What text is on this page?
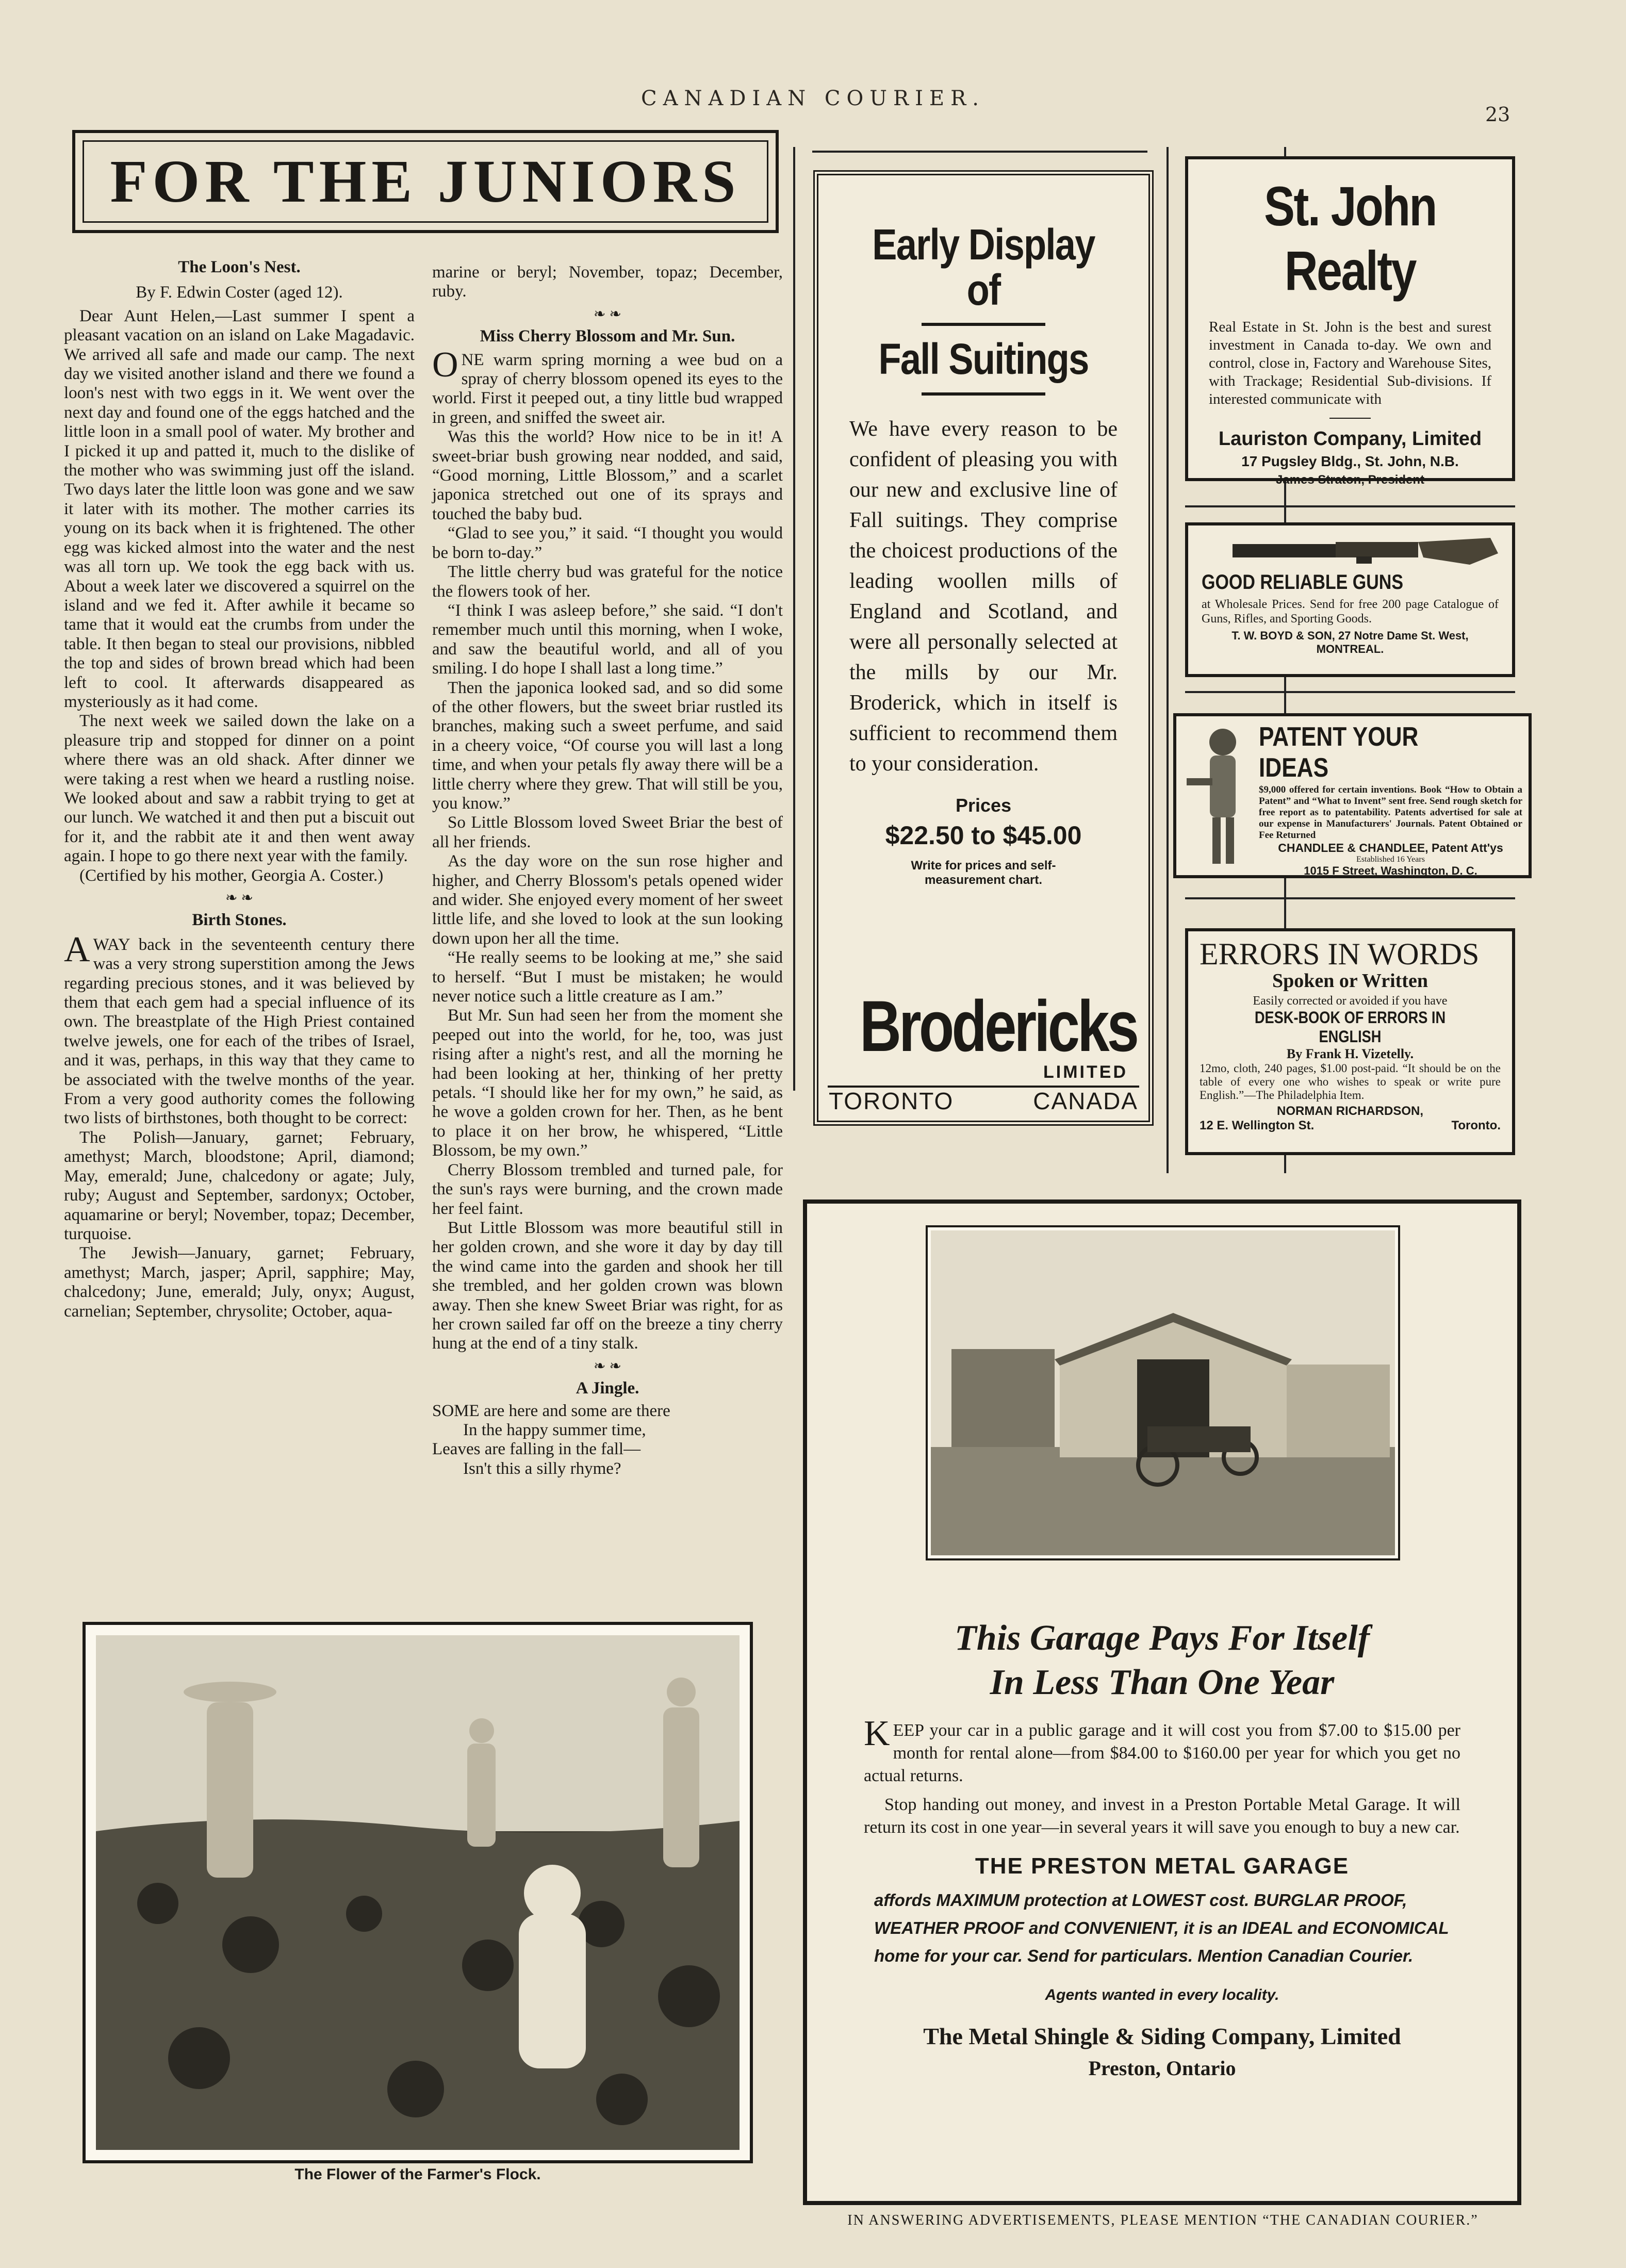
CANADIAN COURIER.
23
FOR THE JUNIORS
The Loon's Nest.

By F. Edwin Coster (aged 12).

Dear Aunt Helen,—Last summer I spent a pleasant vacation on an island on Lake Magadavic. We arrived all safe and made our camp. The next day we visited another island and there we found a loon's nest with two eggs in it. We went over the next day and found one of the eggs hatched and the little loon in a small pool of water. My brother and I picked it up and patted it, much to the dislike of the mother who was swimming just off the island. Two days later the little loon was gone and we saw it later with its mother. The mother carries its young on its back when it is frightened. The other egg was kicked almost into the water and the nest was all torn up. We took the egg back with us. About a week later we discovered a squirrel on the island and we fed it. After awhile it became so tame that it would eat the crumbs from under the table. It then began to steal our provisions, nibbled the top and sides of brown bread which had been left to cool. It afterwards disappeared as mysteriously as it had come.

The next week we sailed down the lake on a pleasure trip and stopped for dinner on a point where there was an old shack. After dinner we were taking a rest when we heard a rustling noise. We looked about and saw a rabbit trying to get at our lunch. We watched it and then put a biscuit out for it, and the rabbit ate it and then went away again. I hope to go there next year with the family.

(Certified by his mother, Georgia A. Coster.)

❧ ❧
Birth Stones.

AWAY back in the seventeenth century there was a very strong superstition among the Jews regarding precious stones, and it was believed by them that each gem had a special influence of its own. The breastplate of the High Priest contained twelve jewels, one for each of the tribes of Israel, and it was, perhaps, in this way that they came to be associated with the twelve months of the year. From a very good authority comes the following two lists of birthstones, both thought to be correct:

The Polish—January, garnet; February, amethyst; March, bloodstone; April, diamond; May, emerald; June, chalcedony or agate; July, ruby; August and September, sardonyx; October, aquamarine or beryl; November, topaz; December, turquoise.

The Jewish—January, garnet; February, amethyst; March, jasper; April, sapphire; May, chalcedony; June, emerald; July, onyx; August, carnelian; September, chrysolite; October, aqua-

marine or beryl; November, topaz; December, ruby.

❧ ❧
Miss Cherry Blossom and Mr. Sun.

ONE warm spring morning a wee bud on a spray of cherry blossom opened its eyes to the world. First it peeped out, a tiny little bud wrapped in green, and sniffed the sweet air.

Was this the world? How nice to be in it! A sweet-briar bush growing near nodded, and said, “Good morning, Little Blossom,” and a scarlet japonica stretched out one of its sprays and touched the baby bud.

“Glad to see you,” it said. “I thought you would be born to-day.”

The little cherry bud was grateful for the notice the flowers took of her.

“I think I was asleep before,” she said. “I don't remember much until this morning, when I woke, and saw the beautiful world, and all of you smiling. I do hope I shall last a long time.”

Then the japonica looked sad, and so did some of the other flowers, but the sweet briar rustled its branches, making such a sweet perfume, and said in a cheery voice, “Of course you will last a long time, and when your petals fly away there will be a little cherry where they grew. That will still be you, you know.”

So Little Blossom loved Sweet Briar the best of all her friends.

As the day wore on the sun rose higher and higher, and Cherry Blossom's petals opened wider and wider. She enjoyed every moment of her sweet little life, and she loved to look at the sun looking down upon her all the time.

“He really seems to be looking at me,” she said to herself. “But I must be mistaken; he would never notice such a little creature as I am.”

But Mr. Sun had seen her from the moment she peeped out into the world, for he, too, was just rising after a night's rest, and all the morning he had been looking at her, thinking of her pretty petals. “I should like her for my own,” he said, as he wove a golden crown for her. Then, as he bent to place it on her brow, he whispered, “Little Blossom, be my own.”

Cherry Blossom trembled and turned pale, for the sun's rays were burning, and the crown made her feel faint.

But Little Blossom was more beautiful still in her golden crown, and she wore it day by day till the wind came into the garden and shook her till she trembled, and her golden crown was blown away. Then she knew Sweet Briar was right, for as her crown sailed far off on the breeze a tiny cherry hung at the end of a tiny stalk.

❧ ❧
A Jingle.

SOME are here and some are there

In the happy summer time,

Leaves are falling in the fall—

Isn't this a silly rhyme?

The Flower of the Farmer's Flock.
Early Display of
Fall Suitings
We have every reason to be confident of pleasing you with our new and exclusive line of Fall suitings. They comprise the choicest productions of the leading woollen mills of England and Scotland, and were all personally selected at the mills by our Mr. Broderick, which in itself is sufficient to recommend them to your consideration.
Prices
$22.50 to $45.00
Write for prices and self-measurement chart.
Brodericks
LIMITED
TORONTO	CANADA
St. John Realty
Real Estate in St. John is the best and surest investment in Canada to-day. We own and control, close in, Factory and Warehouse Sites, with Trackage; Residential Sub-divisions. If interested communicate with
Lauriston Company, Limited
17 Pugsley Bldg., St. John, N.B.
James Straton, President
GOOD RELIABLE GUNS
at Wholesale Prices. Send for free 200 page Catalogue of Guns, Rifles, and Sporting Goods.
T. W. BOYD & SON, 27 Notre Dame St. West, MONTREAL.
PATENT YOUR IDEAS
$9,000 offered for certain inventions. Book “How to Obtain a Patent” and “What to Invent” sent free. Send rough sketch for free report as to patentability. Patents advertised for sale at our expense in Manufacturers' Journals. Patent Obtained or Fee Returned
CHANDLEE & CHANDLEE, Patent Att'ys
Established 16 Years
1015 F Street, Washington, D. C.
ERRORS IN WORDS
Spoken or Written
Easily corrected or avoided if you have
DESK-BOOK OF ERRORS IN ENGLISH
By Frank H. Vizetelly.
12mo, cloth, 240 pages, $1.00 post-paid. “It should be on the table of every one who wishes to speak or write pure English.”—The Philadelphia Item.
NORMAN RICHARDSON,
12 E. Wellington St.	Toronto.
This Garage Pays For Itself
In Less Than One Year
KEEP your car in a public garage and it will cost you from $7.00 to $15.00 per month for rental alone—from $84.00 to $160.00 per year for which you get no actual returns.
Stop handing out money, and invest in a Preston Portable Metal Garage. It will return its cost in one year—in several years it will save you enough to buy a new car.
THE PRESTON METAL GARAGE
affords MAXIMUM protection at LOWEST cost. BURGLAR PROOF, WEATHER PROOF and CONVENIENT, it is an IDEAL and ECONOMICAL home for your car. Send for particulars. Mention Canadian Courier.
Agents wanted in every locality.
The Metal Shingle & Siding Company, Limited
Preston, Ontario
IN ANSWERING ADVERTISEMENTS, PLEASE MENTION “THE CANADIAN COURIER.”
